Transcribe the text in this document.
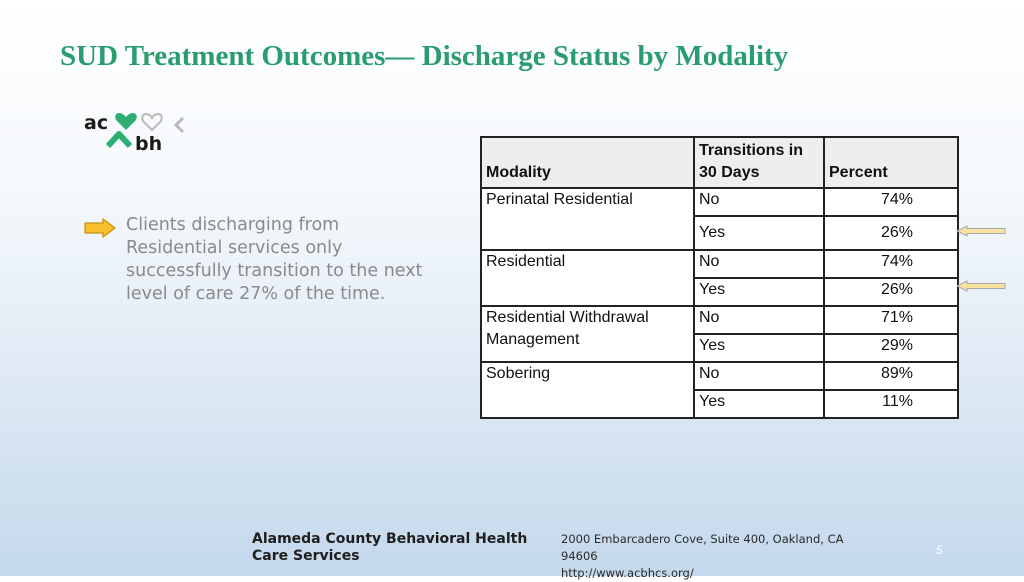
SUD Treatment Outcomes— Discharge Status by Modality
ac
bh
Clients discharging from Residential services only successfully transition to the next level of care 27% of the time.
Modality	Transitions in 30 Days	Percent
Perinatal Residential	No	74%
	Yes	26%
Residential	No	74%
	Yes	26%
Residential Withdrawal Management	No	71%
	Yes	29%
Sobering	No	89%
	Yes	11%
Alameda County Behavioral Health
Care Services
2000 Embarcadero Cove, Suite 400, Oakland, CA 94606
http://www.acbhcs.org/
5
